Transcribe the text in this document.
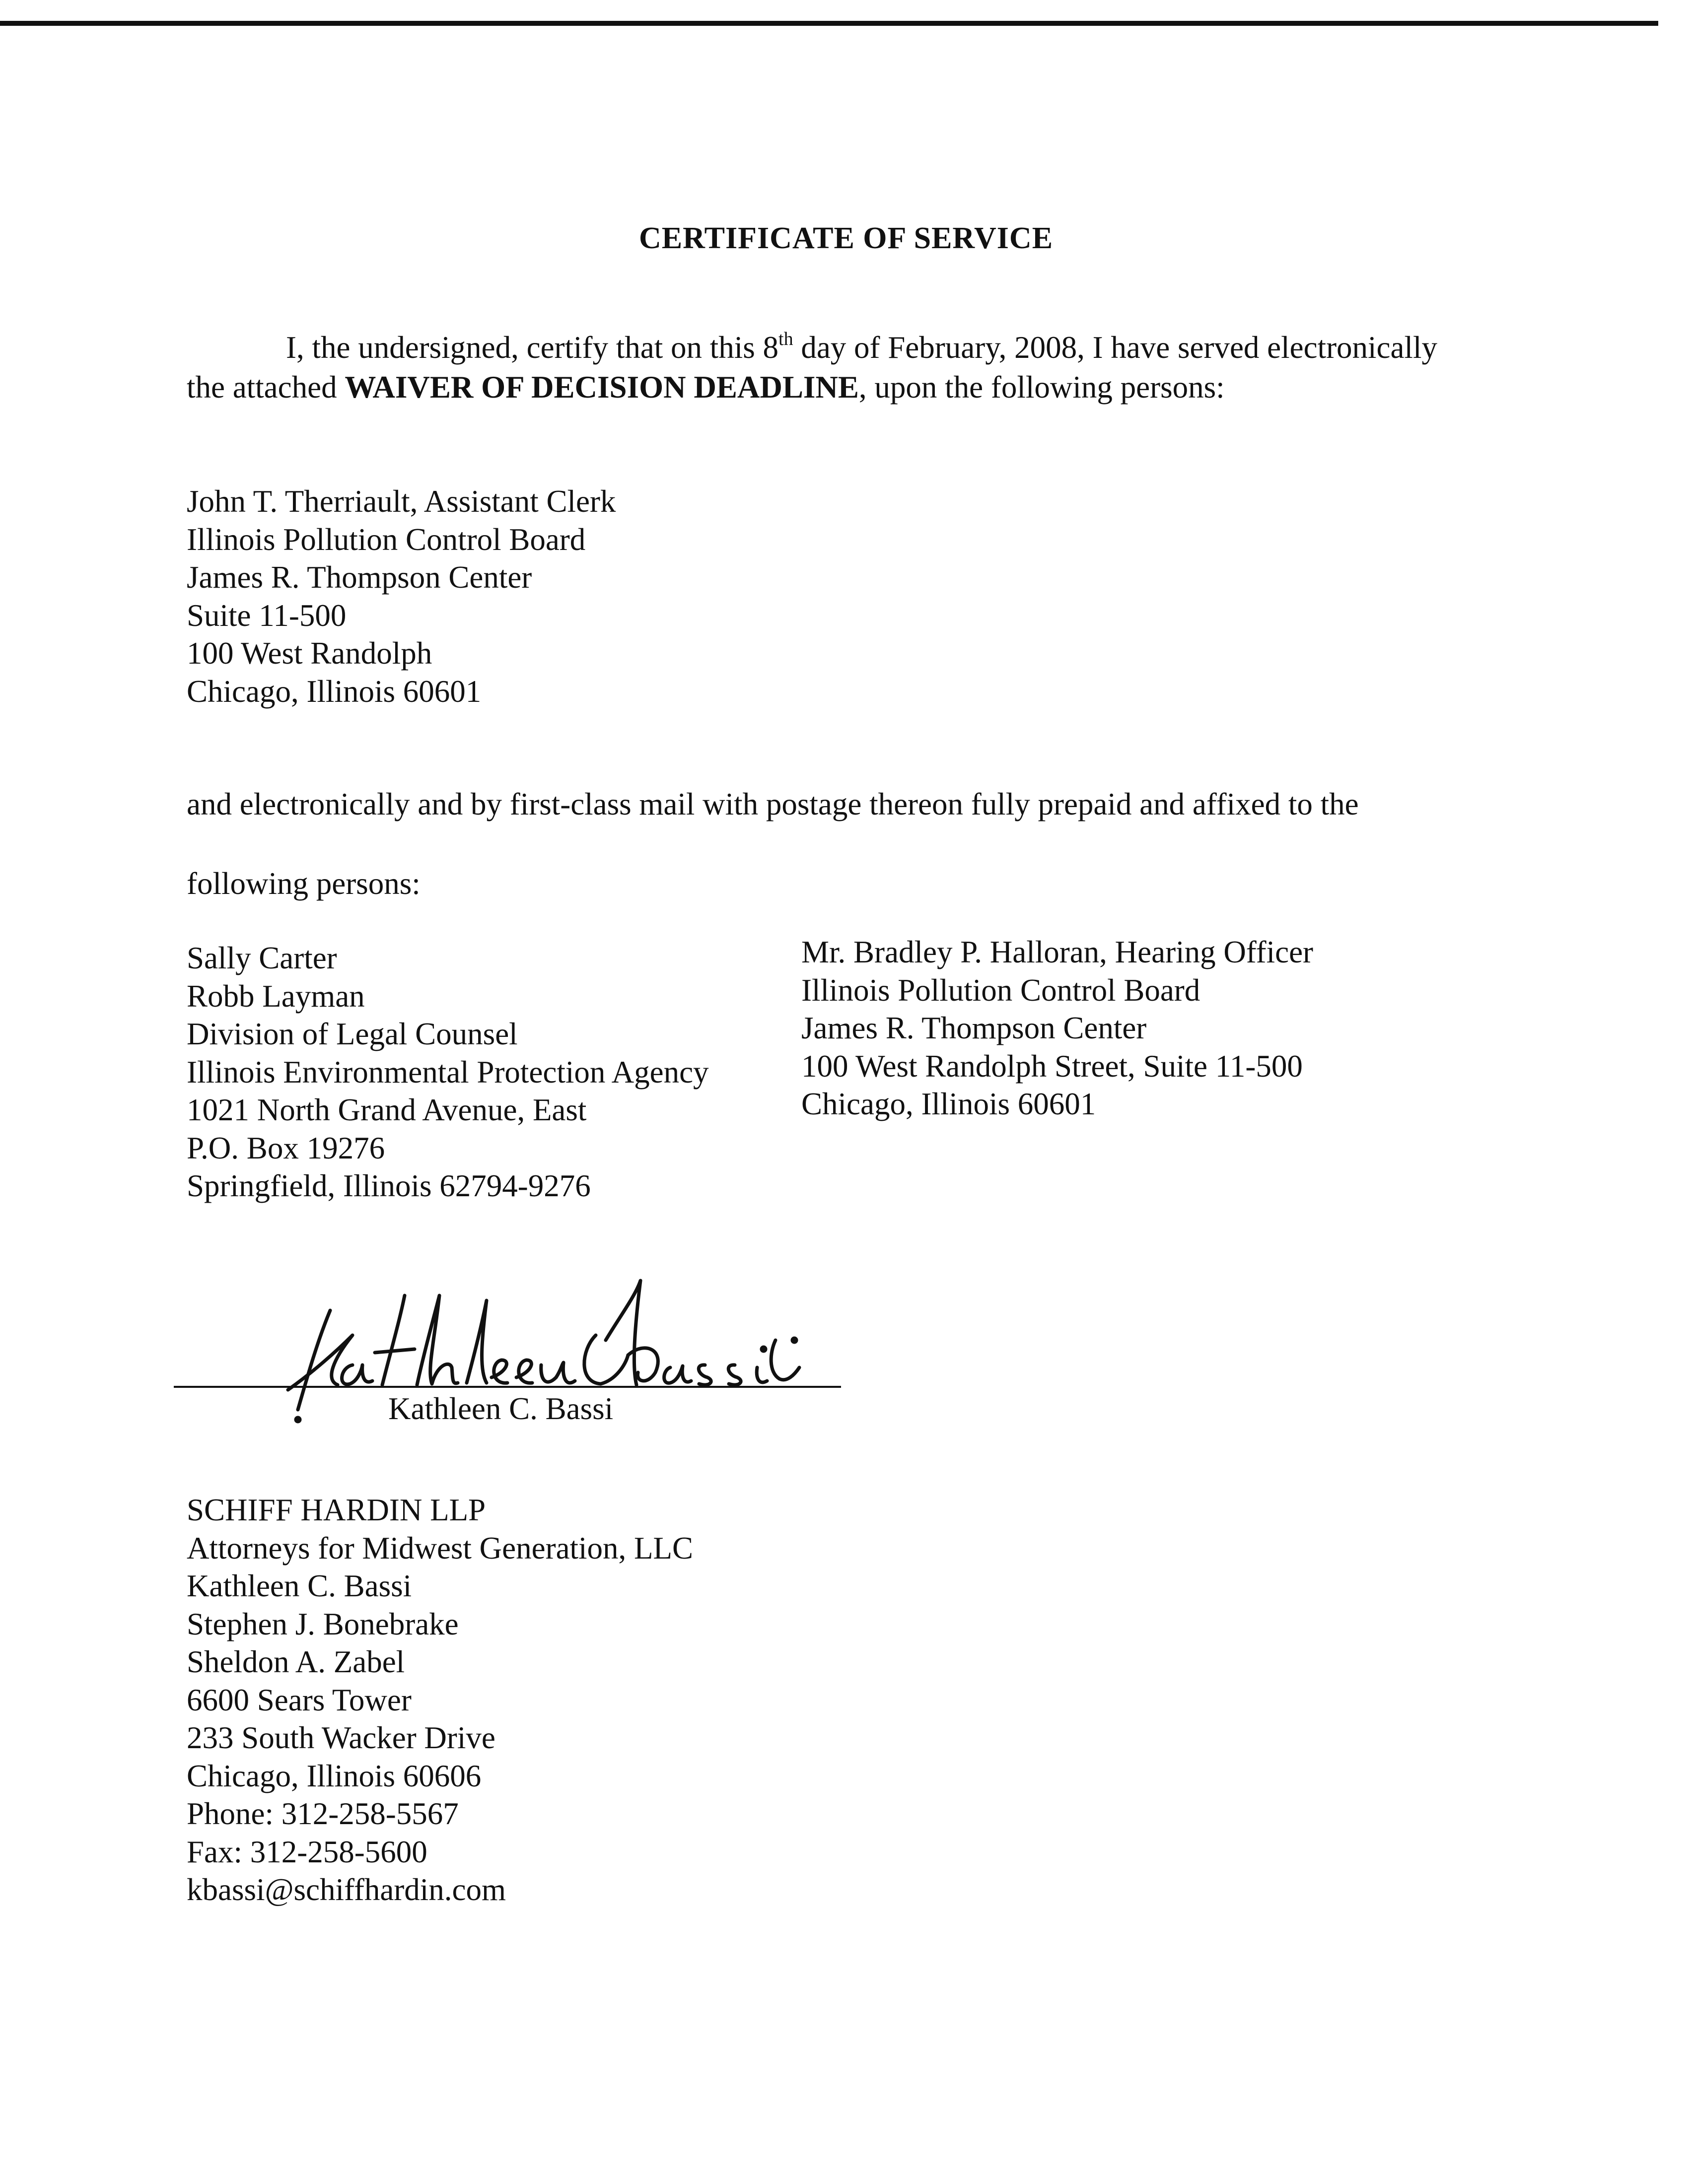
CERTIFICATE OF SERVICE
I, the undersigned, certify that on this 8th day of February, 2008, I have served electronically the attached WAIVER OF DECISION DEADLINE, upon the following persons:
John T. Therriault, Assistant Clerk
Illinois Pollution Control Board
James R. Thompson Center
Suite 11-500
100 West Randolph
Chicago, Illinois 60601
and electronically and by first-class mail with postage thereon fully prepaid and affixed to the
following persons:
Sally Carter
Robb Layman
Division of Legal Counsel
Illinois Environmental Protection Agency
1021 North Grand Avenue, East
P.O. Box 19276
Springfield, Illinois 62794-9276
Mr. Bradley P. Halloran, Hearing Officer
Illinois Pollution Control Board
James R. Thompson Center
100 West Randolph Street, Suite 11-500
Chicago, Illinois 60601
Kathleen C. Bassi
SCHIFF HARDIN LLP
Attorneys for Midwest Generation, LLC
Kathleen C. Bassi
Stephen J. Bonebrake
Sheldon A. Zabel
6600 Sears Tower
233 South Wacker Drive
Chicago, Illinois 60606
Phone: 312-258-5567
Fax: 312-258-5600
kbassi@schiffhardin.com
